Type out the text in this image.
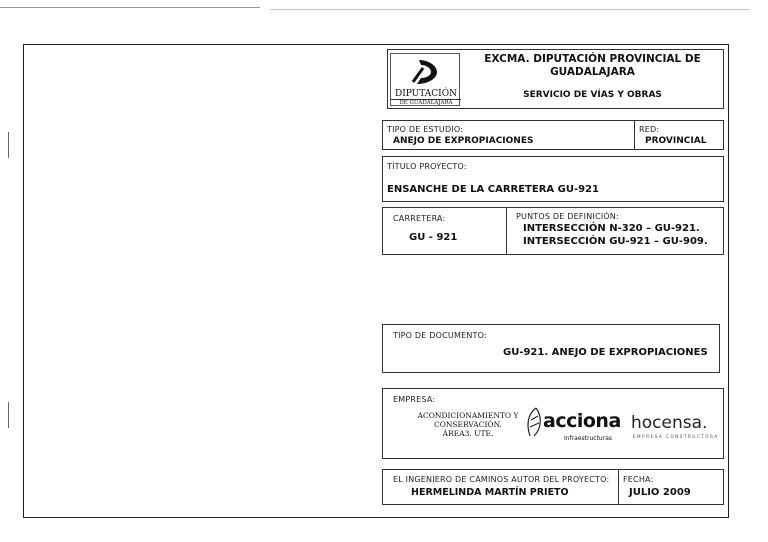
DIPUTACIÓN
DE GUADALAJARA
EXCMA. DIPUTACIÓN PROVINCIAL DE
GUADALAJARA
SERVICIO DE VÍAS Y OBRAS
TIPO DE ESTUDIO:
ANEJO DE EXPROPIACIONES
RED:
PROVINCIAL
TÍTULO PROYECTO:
ENSANCHE DE LA CARRETERA GU-921
CARRETERA:
GU - 921
PUNTOS DE DEFINICIÓN:
INTERSECCIÓN N-320 – GU-921.
INTERSECCIÓN GU-921 – GU-909.
TIPO DE DOCUMENTO:
GU-921. ANEJO DE EXPROPIACIONES
EMPRESA:
ACONDICIONAMIENTO Y
CONSERVACIÓN.
ÁREA3. UTE.
acciona
Infraestructuras
hocensa.
EMPRESA CONSTRUCTORA
EL INGENIERO DE CAMINOS AUTOR DEL PROYECTO:
HERMELINDA MARTÍN PRIETO
FECHA:
JULIO 2009
